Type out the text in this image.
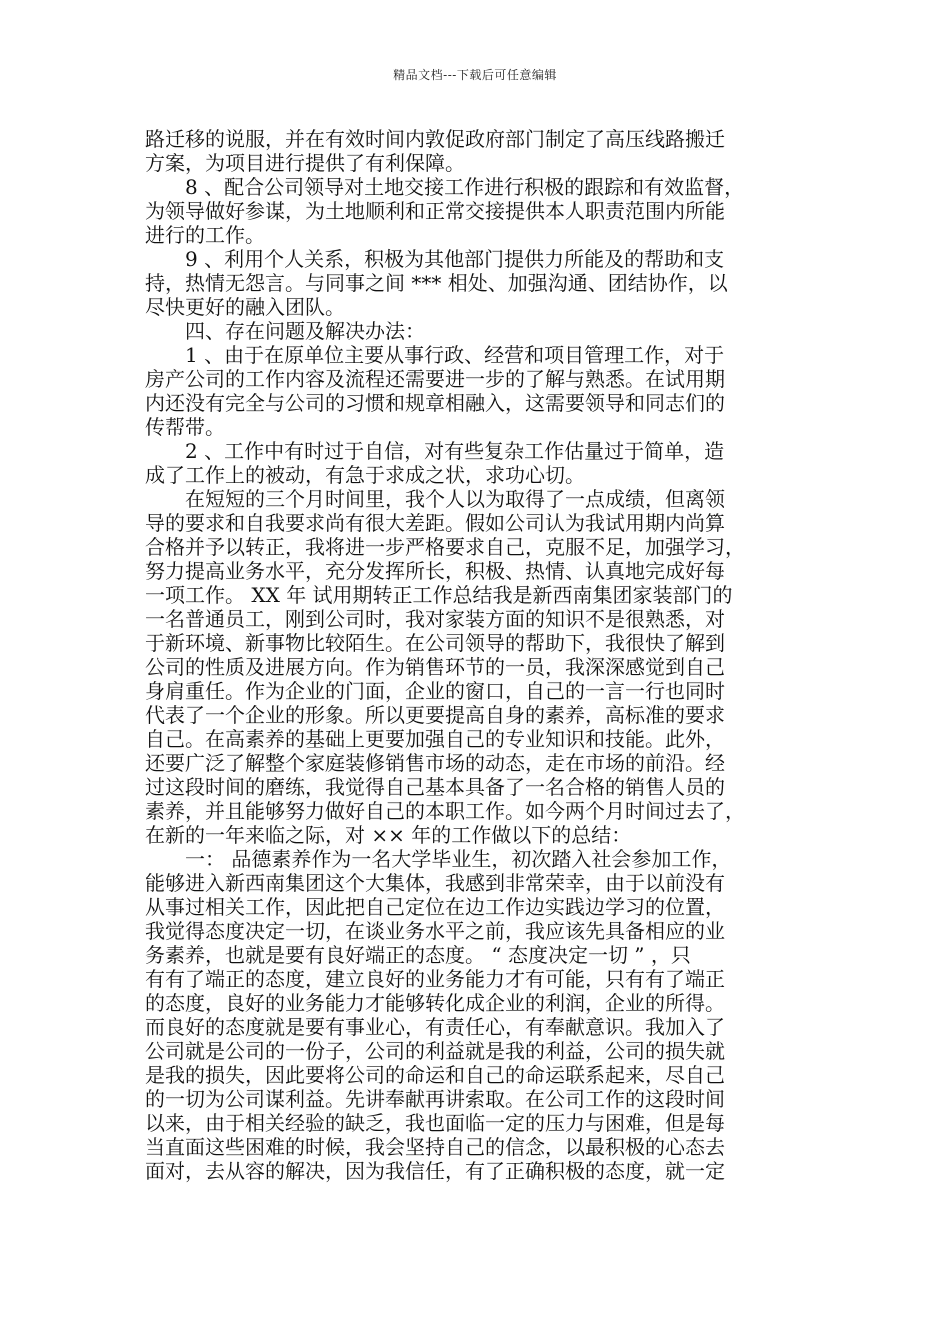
精品文档---下载后可任意编辑
路迁移的说服，并在有效时间内敦促政府部门制定了高压线路搬迁
方案，为项目进行提供了有利保障。
　　8 、配合公司领导对土地交接工作进行积极的跟踪和有效监督，
为领导做好参谋，为土地顺利和正常交接提供本人职责范围内所能
进行的工作。
　　9 、利用个人关系，积极为其他部门提供力所能及的帮助和支
持，热情无怨言。与同事之间 *** 相处、加强沟通、团结协作，以
尽快更好的融入团队。
　　四、存在问题及解决办法：
　　1 、由于在原单位主要从事行政、经营和项目管理工作，对于
房产公司的工作内容及流程还需要进一步的了解与熟悉。在试用期
内还没有完全与公司的习惯和规章相融入，这需要领导和同志们的
传帮带。
　　2 、工作中有时过于自信，对有些复杂工作估量过于简单，造
成了工作上的被动，有急于求成之状，求功心切。
　　在短短的三个月时间里，我个人以为取得了一点成绩，但离领
导的要求和自我要求尚有很大差距。假如公司认为我试用期内尚算
合格并予以转正，我将进一步严格要求自己，克服不足，加强学习，
努力提高业务水平，充分发挥所长，积极、热情、认真地完成好每
一项工作。 XX 年 试用期转正工作总结我是新西南集团家装部门的
一名普通员工，刚到公司时，我对家装方面的知识不是很熟悉，对
于新环境、新事物比较陌生。在公司领导的帮助下，我很快了解到
公司的性质及进展方向。作为销售环节的一员，我深深感觉到自己
身肩重任。作为企业的门面，企业的窗口，自己的一言一行也同时
代表了一个企业的形象。所以更要提高自身的素养，高标准的要求
自己。在高素养的基础上更要加强自己的专业知识和技能。此外，
还要广泛了解整个家庭装修销售市场的动态，走在市场的前沿。经
过这段时间的磨练，我觉得自己基本具备了一名合格的销售人员的
素养，并且能够努力做好自己的本职工作。如今两个月时间过去了，
在新的一年来临之际，对 ×× 年的工作做以下的总结：
　　一： 品德素养作为一名大学毕业生，初次踏入社会参加工作，
能够进入新西南集团这个大集体，我感到非常荣幸，由于以前没有
从事过相关工作，因此把自己定位在边工作边实践边学习的位置，
我觉得态度决定一切，在谈业务水平之前，我应该先具备相应的业
务素养，也就是要有良好端正的态度。 “ 态度决定一切 ” ，只
有有了端正的态度，建立良好的业务能力才有可能，只有有了端正
的态度，良好的业务能力才能够转化成企业的利润，企业的所得。
而良好的态度就是要有事业心，有责任心，有奉献意识。我加入了
公司就是公司的一份子，公司的利益就是我的利益，公司的损失就
是我的损失，因此要将公司的命运和自己的命运联系起来，尽自己
的一切为公司谋利益。先讲奉献再讲索取。在公司工作的这段时间
以来，由于相关经验的缺乏，我也面临一定的压力与困难，但是每
当直面这些困难的时候，我会坚持自己的信念，以最积极的心态去
面对，去从容的解决，因为我信任，有了正确积极的态度，就一定
